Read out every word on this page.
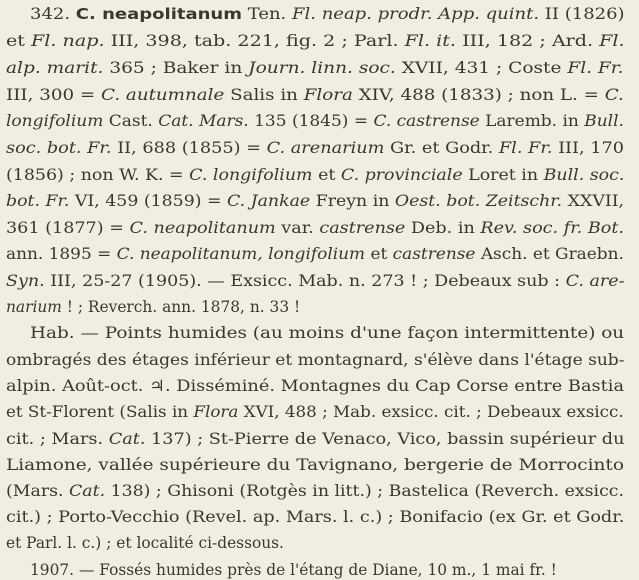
342. C. neapolitanum Ten. Fl. neap. prodr. App. quint. II (1826)
et Fl. nap. III, 398, tab. 221, fig. 2 ; Parl. Fl. it. III, 182 ; Ard. Fl.
alp. marit. 365 ; Baker in Journ. linn. soc. XVII, 431 ; Coste Fl. Fr.
III, 300 = C. autumnale Salis in Flora XIV, 488 (1833) ; non L. = C.
longifolium Cast. Cat. Mars. 135 (1845) = C. castrense Laremb. in Bull.
soc. bot. Fr. II, 688 (1855) = C. arenarium Gr. et Godr. Fl. Fr. III, 170
(1856) ; non W. K. = C. longifolium et C. provinciale Loret in Bull. soc.
bot. Fr. VI, 459 (1859) = C. Jankae Freyn in Oest. bot. Zeitschr. XXVII,
361 (1877) = C. neapolitanum var. castrense Deb. in Rev. soc. fr. Bot.
ann. 1895 = C. neapolitanum, longifolium et castrense Asch. et Graebn.
Syn. III, 25-27 (1905). — Exsicc. Mab. n. 273 ! ; Debeaux sub : C. are-
narium ! ; Reverch. ann. 1878, n. 33 !
Hab. — Points humides (au moins d'une façon intermittente) ou
ombragés des étages inférieur et montagnard, s'élève dans l'étage sub-
alpin. Août-oct. ♃. Disséminé. Montagnes du Cap Corse entre Bastia
et St-Florent (Salis in Flora XVI, 488 ; Mab. exsicc. cit. ; Debeaux exsicc.
cit. ; Mars. Cat. 137) ; St-Pierre de Venaco, Vico, bassin supérieur du
Liamone, vallée supérieure du Tavignano, bergerie de Morrocinto
(Mars. Cat. 138) ; Ghisoni (Rotgès in litt.) ; Bastelica (Reverch. exsicc.
cit.) ; Porto-Vecchio (Revel. ap. Mars. l. c.) ; Bonifacio (ex Gr. et Godr.
et Parl. l. c.) ; et localité ci-dessous.
1907. — Fossés humides près de l'étang de Diane, 10 m., 1 mai fr. !
